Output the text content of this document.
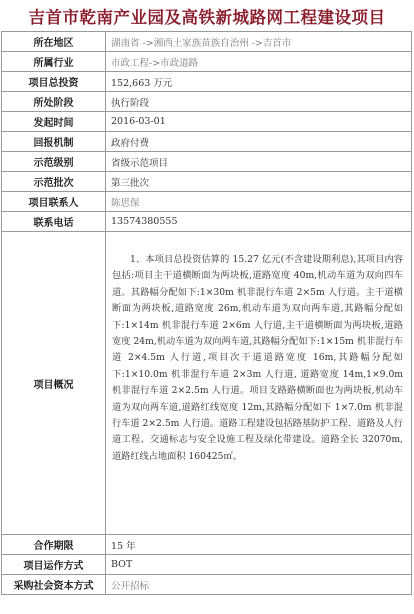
吉首市乾南产业园及高铁新城路网工程建设项目
所在地区	湖南省 ->湘西土家族苗族自治州 ->吉首市
所属行业	市政工程->市政道路
项目总投资	152,663 万元
所处阶段	执行阶段
发起时间	2016-03-01
回报机制	政府付费
示范级别	省级示范项目
示范批次	第三批次
项目联系人	陈思保
联系电话	13574380555
项目概况	1、本项目总投资估算的 15.27 亿元(不含建设期利息),其项目内容包括:项目主干道横断面为两块板,道路宽度 40m,机动车道为双向四车道。其路幅分配如下:1×30m 机非混行车道 2×5m 人行道。主干道横断面为两块板,道路宽度 26m,机动车道为双向两车道,其路幅分配如下:1×14m 机非混行车道 2×6m 人行道,主干道横断面为两块板,道路宽度 24m,机动车道为双向两车道,其路幅分配如下:1×15m 机非混行车道 2×4.5m 人行道,项目次干道道路宽度 16m,其路幅分配如下:1×10.0m 机非混行车道 2×3m 人行道, 道路宽度 14m,1×9.0m 机非混行车道 2×2.5m 人行道。项目支路路横断面也为两块板,机动车道为双向两车道,道路红线宽度 12m,其路幅分配如下 1×7.0m 机非混行车道 2×2.5m 人行道。道路工程建设包括路基防护工程、道路及人行道工程、交通标志与安全设施工程及绿化带建设。道路全长 32070m,道路红线占地面积 160425㎡。

合作期限	15 年
项目运作方式	BOT
采购社会资本方式	公开招标
